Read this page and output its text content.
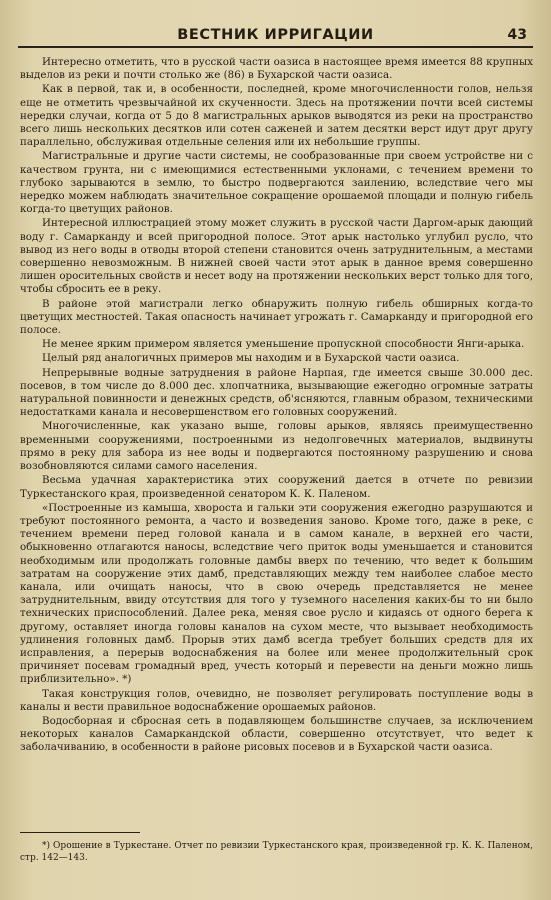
ВЕСТНИК ИРРИГАЦИИ	43

Интересно отметить, что в русской части оазиса в настоящее время имеется 88 крупных выделов из реки и почти столько же (86) в Бухарской части оазиса.

Как в первой, так и, в особенности, последней, кроме многочисленности голов, нельзя еще не отметить чрезвычайной их скученности. Здесь на протяжении почти всей системы нередки случаи, когда от 5 до 8 магистральных арыков выводятся из реки на пространство всего лишь нескольких десятков или сотен саженей и затем десятки верст идут друг другу параллельно, обслуживая отдельные селения или их небольшие группы.

Магистральные и другие части системы, не сообразованные при своем устройстве ни с качеством грунта, ни с имеющимися естественными уклонами, с течением времени то глубоко зарываются в землю, то быстро подвергаются заилению, вследствие чего мы нередко можем наблюдать значительное сокращение орошаемой площади и полную гибель когда-то цветущих районов.

Интересной иллюстрацией этому может служить в русской части Даргом-арык дающий воду г. Самарканду и всей пригородной полосе. Этот арык настолько углубил русло, что вывод из него воды в отводы второй степени становится очень затруднительным, а местами совершенно невозможным. В нижней своей части этот арык в данное время совершенно лишен оросительных свойств и несет воду на протяжении нескольких верст только для того, чтобы сбросить ее в реку.

В районе этой магистрали легко обнаружить полную гибель обширных когда-то цветущих местностей. Такая опасность начинает угрожать г. Самарканду и пригородной его полосе.

Не менее ярким примером является уменьшение пропускной способности Янги-арыка.

Целый ряд аналогичных примеров мы находим и в Бухарской части оазиса.

Непрерывные водные затруднения в районе Нарпая, где имеется свыше 30.000 дес. посевов, в том числе до 8.000 дес. хлопчатника, вызывающие ежегодно огромные затраты натуральной повинности и денежных средств, об'ясняются, главным образом, техническими недостатками канала и несовершенством его головных сооружений.

Многочисленные, как указано выше, головы арыков, являясь преимущественно временными сооружениями, построенными из недолговечных материалов, выдвинуты прямо в реку для забора из нее воды и подвергаются постоянному разрушению и снова возобновляются силами самого населения.

Весьма удачная характеристика этих сооружений дается в отчете по ревизии Туркестанского края, произведенной сенатором К. К. Паленом.

«Построенные из камыша, хвороста и гальки эти сооружения ежегодно разрушаются и требуют постоянного ремонта, а часто и возведения заново. Кроме того, даже в реке, с течением времени перед головой канала и в самом канале, в верхней его части, обыкновенно отлагаются наносы, вследствие чего приток воды уменьшается и становится необходимым или продолжать головные дамбы вверх по течению, что ведет к большим затратам на сооружение этих дамб, представляющих между тем наиболее слабое место канала, или очищать наносы, что в свою очередь представляется не менее затруднительным, ввиду отсутствия для того у туземного населения каких-бы то ни было технических приспособлений. Далее река, меняя свое русло и кидаясь от одного берега к другому, оставляет иногда головы каналов на сухом месте, что вызывает необходимость удлинения головных дамб. Прорыв этих дамб всегда требует больших средств для их исправления, а перерыв водоснабжения на более или менее продолжительный срок причиняет посевам громадный вред, учесть который и перевести на деньги можно лишь приблизительно». *)

Такая конструкция голов, очевидно, не позволяет регулировать поступление воды в каналы и вести правильное водоснабжение орошаемых районов.

Водосборная и сбросная сеть в подавляющем большинстве случаев, за исключением некоторых каналов Самаркандской области, совершенно отсутствует, что ведет к заболачиванию, в особенности в районе рисовых посевов и в Бухарской части оазиса.

*) Орошение в Туркестане. Отчет по ревизии Туркестанского края, произведенной гр. К. К. Паленом, стр. 142—143.
